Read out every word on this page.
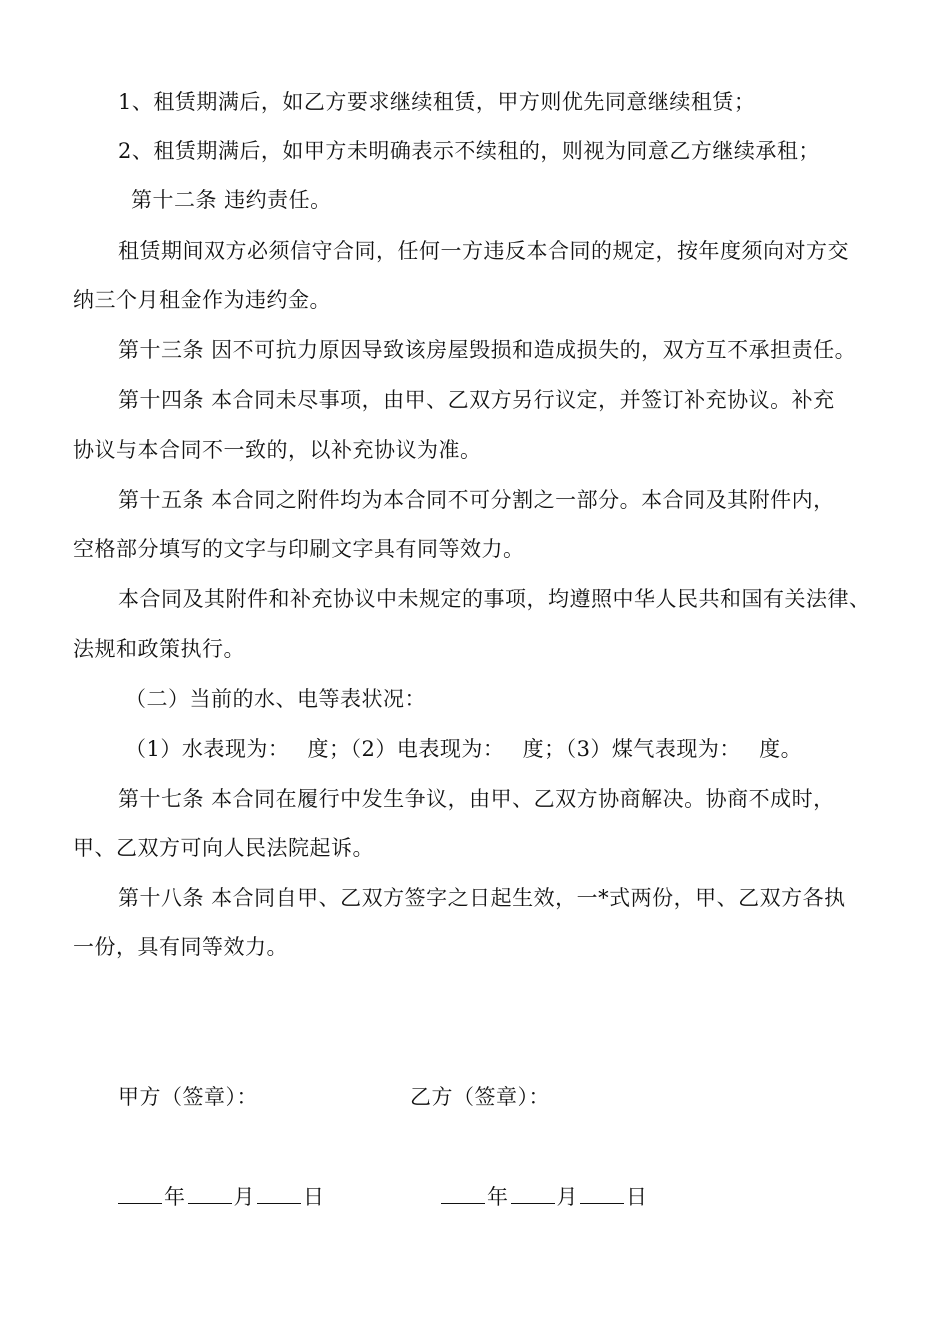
1、租赁期满后，如乙方要求继续租赁，甲方则优先同意继续租赁；
2、租赁期满后，如甲方未明确表示不续租的，则视为同意乙方继续承租；
第十二条 违约责任。
租赁期间双方必须信守合同，任何一方违反本合同的规定，按年度须向对方交
纳三个月租金作为违约金。
第十三条 因不可抗力原因导致该房屋毁损和造成损失的，双方互不承担责任。
第十四条 本合同未尽事项，由甲、乙双方另行议定，并签订补充协议。补充
协议与本合同不一致的，以补充协议为准。
第十五条 本合同之附件均为本合同不可分割之一部分。本合同及其附件内，
空格部分填写的文字与印刷文字具有同等效力。
本合同及其附件和补充协议中未规定的事项，均遵照中华人民共和国有关法律、
法规和政策执行。
（二）当前的水、电等表状况：
（1）水表现为：　 度；（2）电表现为：　 度；（3）煤气表现为：　 度。
第十七条 本合同在履行中发生争议，由甲、乙双方协商解决。协商不成时，
甲、乙双方可向人民法院起诉。
第十八条 本合同自甲、乙双方签字之日起生效，一*式两份，甲、乙双方各执
一份，具有同等效力。
甲方（签章）：	乙方（签章）：
年 月 日	年 月 日
